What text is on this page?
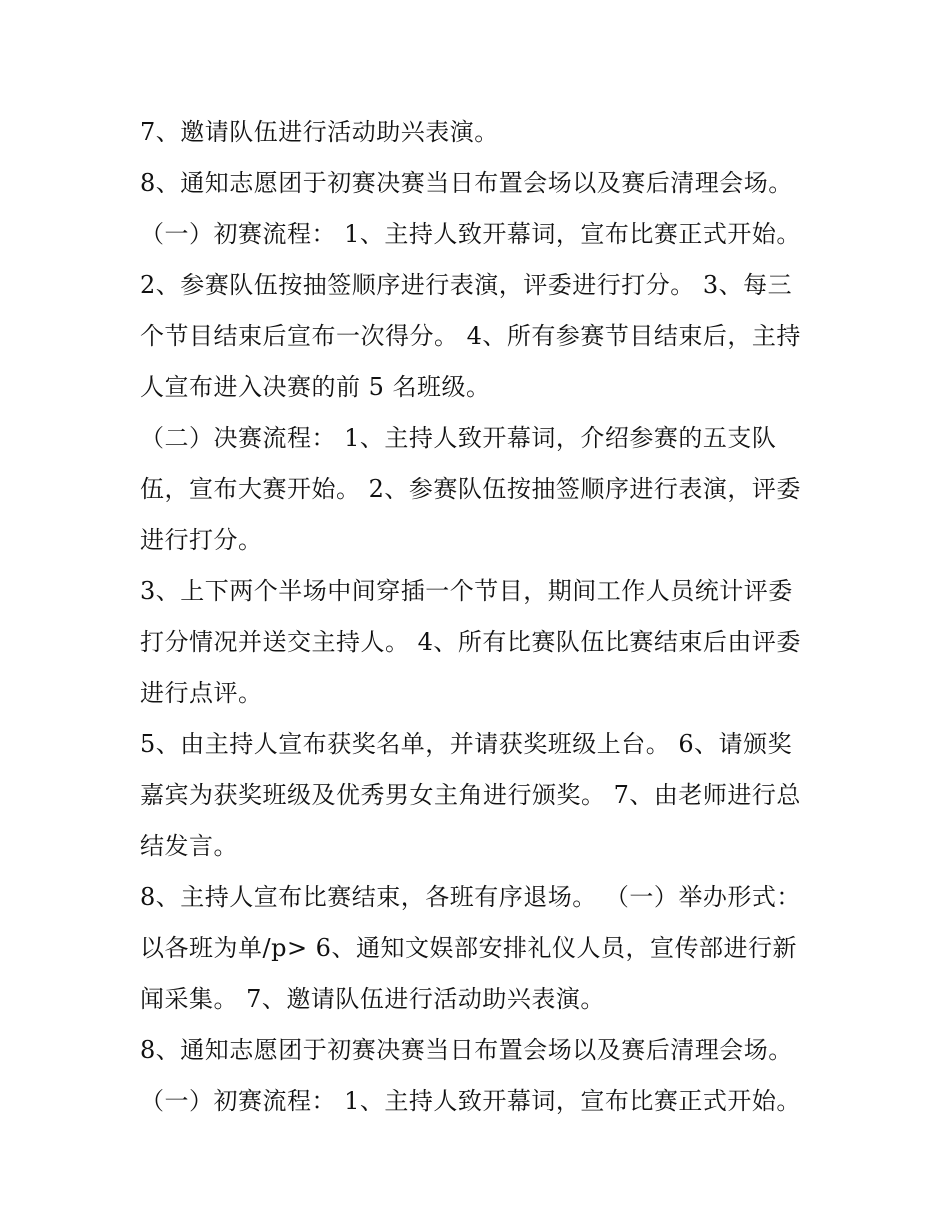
7、邀请队伍进行活动助兴表演。
8、通知志愿团于初赛决赛当日布置会场以及赛后清理会场。
（一）初赛流程： 1、主持人致开幕词，宣布比赛正式开始。
2、参赛队伍按抽签顺序进行表演，评委进行打分。 3、每三
个节目结束后宣布一次得分。 4、所有参赛节目结束后，主持
人宣布进入决赛的前 5 名班级。
（二）决赛流程： 1、主持人致开幕词，介绍参赛的五支队
伍，宣布大赛开始。 2、参赛队伍按抽签顺序进行表演，评委
进行打分。
3、上下两个半场中间穿插一个节目，期间工作人员统计评委
打分情况并送交主持人。 4、所有比赛队伍比赛结束后由评委
进行点评。
5、由主持人宣布获奖名单，并请获奖班级上台。 6、请颁奖
嘉宾为获奖班级及优秀男女主角进行颁奖。 7、由老师进行总
结发言。
8、主持人宣布比赛结束，各班有序退场。 （一）举办形式：
以各班为单/p> 6、通知文娱部安排礼仪人员，宣传部进行新
闻采集。 7、邀请队伍进行活动助兴表演。
8、通知志愿团于初赛决赛当日布置会场以及赛后清理会场。
（一）初赛流程： 1、主持人致开幕词，宣布比赛正式开始。
